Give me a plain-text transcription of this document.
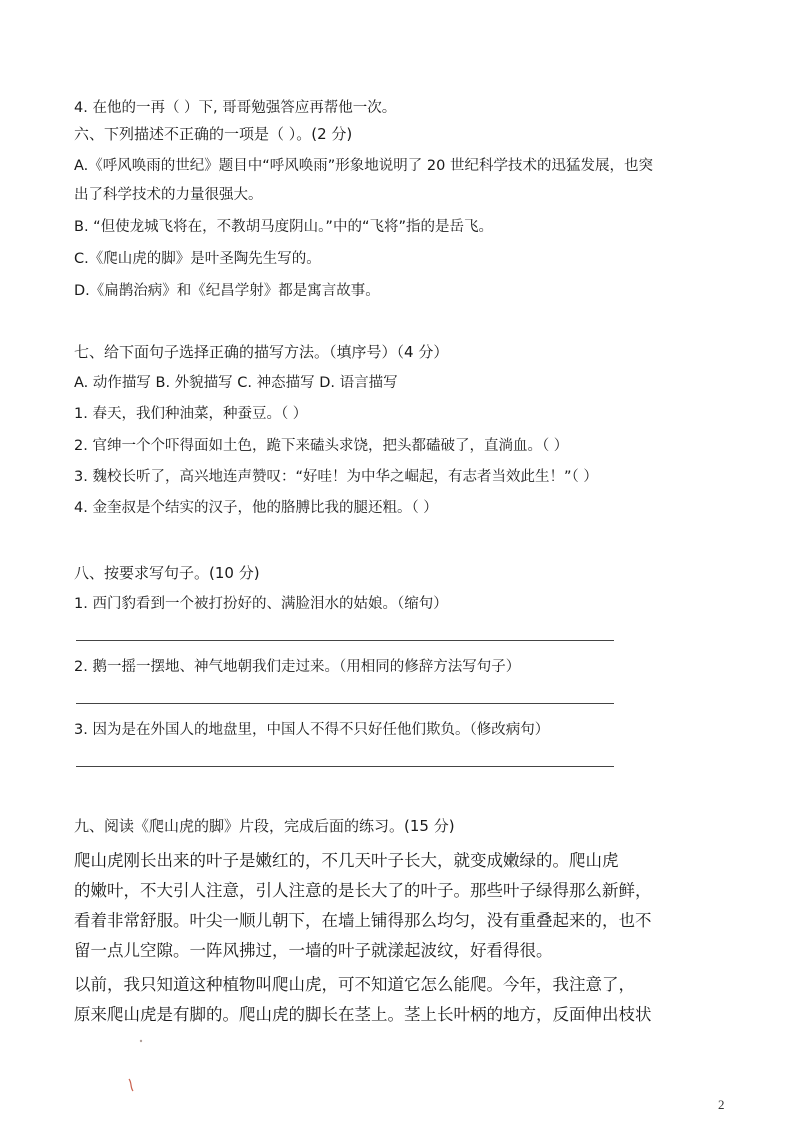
4. 在他的一再（ ）下, 哥哥勉强答应再帮他一次。
六、下列描述不正确的一项是（ ）。(2 分)
A.《呼风唤雨的世纪》题目中“呼风唤雨”形象地说明了 20 世纪科学技术的迅猛发展，也突
出了科学技术的力量很强大。
B. “但使龙城飞将在，不教胡马度阴山。”中的“飞将”指的是岳飞。
C.《爬山虎的脚》是叶圣陶先生写的。
D.《扁鹊治病》和《纪昌学射》都是寓言故事。
七、给下面句子选择正确的描写方法。（填序号）（4 分）
A. 动作描写 B. 外貌描写 C. 神态描写 D. 语言描写
1. 春天，我们种油菜，种蚕豆。（ ）
2. 官绅一个个吓得面如土色，跪下来磕头求饶，把头都磕破了，直淌血。（ ）
3. 魏校长听了，高兴地连声赞叹：“好哇！为中华之崛起，有志者当效此生！”（ ）
4. 金奎叔是个结实的汉子，他的胳膊比我的腿还粗。（ ）
八、按要求写句子。(10 分)
1. 西门豹看到一个被打扮好的、满脸泪水的姑娘。（缩句）
2. 鹅一摇一摆地、神气地朝我们走过来。（用相同的修辞方法写句子）
3. 因为是在外国人的地盘里，中国人不得不只好任他们欺负。（修改病句）
九、阅读《爬山虎的脚》片段，完成后面的练习。(15 分)
爬山虎刚长出来的叶子是嫩红的，不几天叶子长大，就变成嫩绿的。爬山虎
的嫩叶，不大引人注意，引人注意的是长大了的叶子。那些叶子绿得那么新鲜，
看着非常舒服。叶尖一顺儿朝下，在墙上铺得那么均匀，没有重叠起来的，也不
留一点儿空隙。一阵风拂过，一墙的叶子就漾起波纹，好看得很。
以前，我只知道这种植物叫爬山虎，可不知道它怎么能爬。今年，我注意了，
原来爬山虎是有脚的。爬山虎的脚长在茎上。茎上长叶柄的地方，反面伸出枝状
2
